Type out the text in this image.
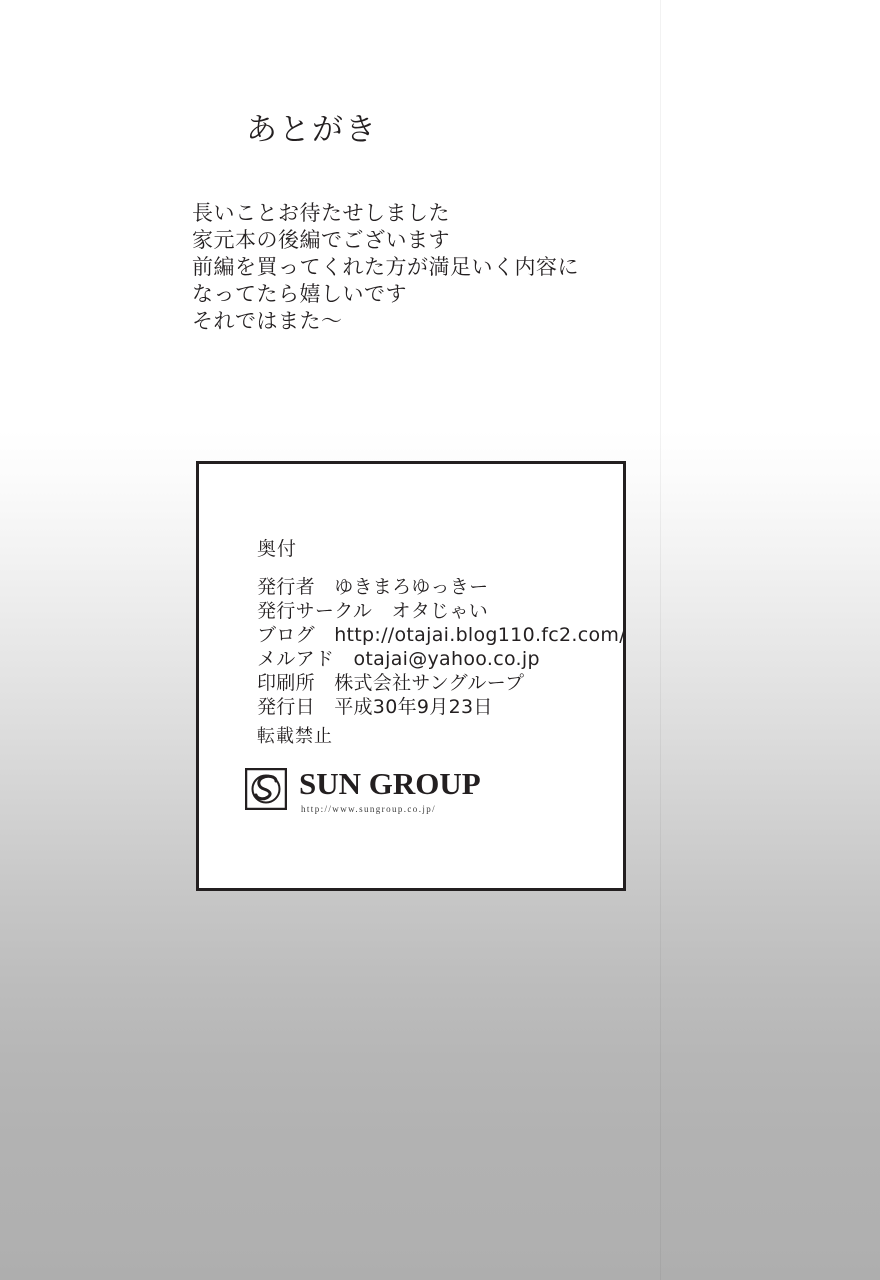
あとがき
長いことお待たせしました
家元本の後編でございます
前編を買ってくれた方が満足いく内容に
なってたら嬉しいです
それではまた～
奥付
発行者　ゆきまろゆっきー
発行サークル　オタじゃい
ブログ　http://otajai.blog110.fc2.com/
メルアド　otajai@yahoo.co.jp
印刷所　株式会社サングループ
発行日　平成30年9月23日
転載禁止
SUN GROUP
http://www.sungroup.co.jp/
